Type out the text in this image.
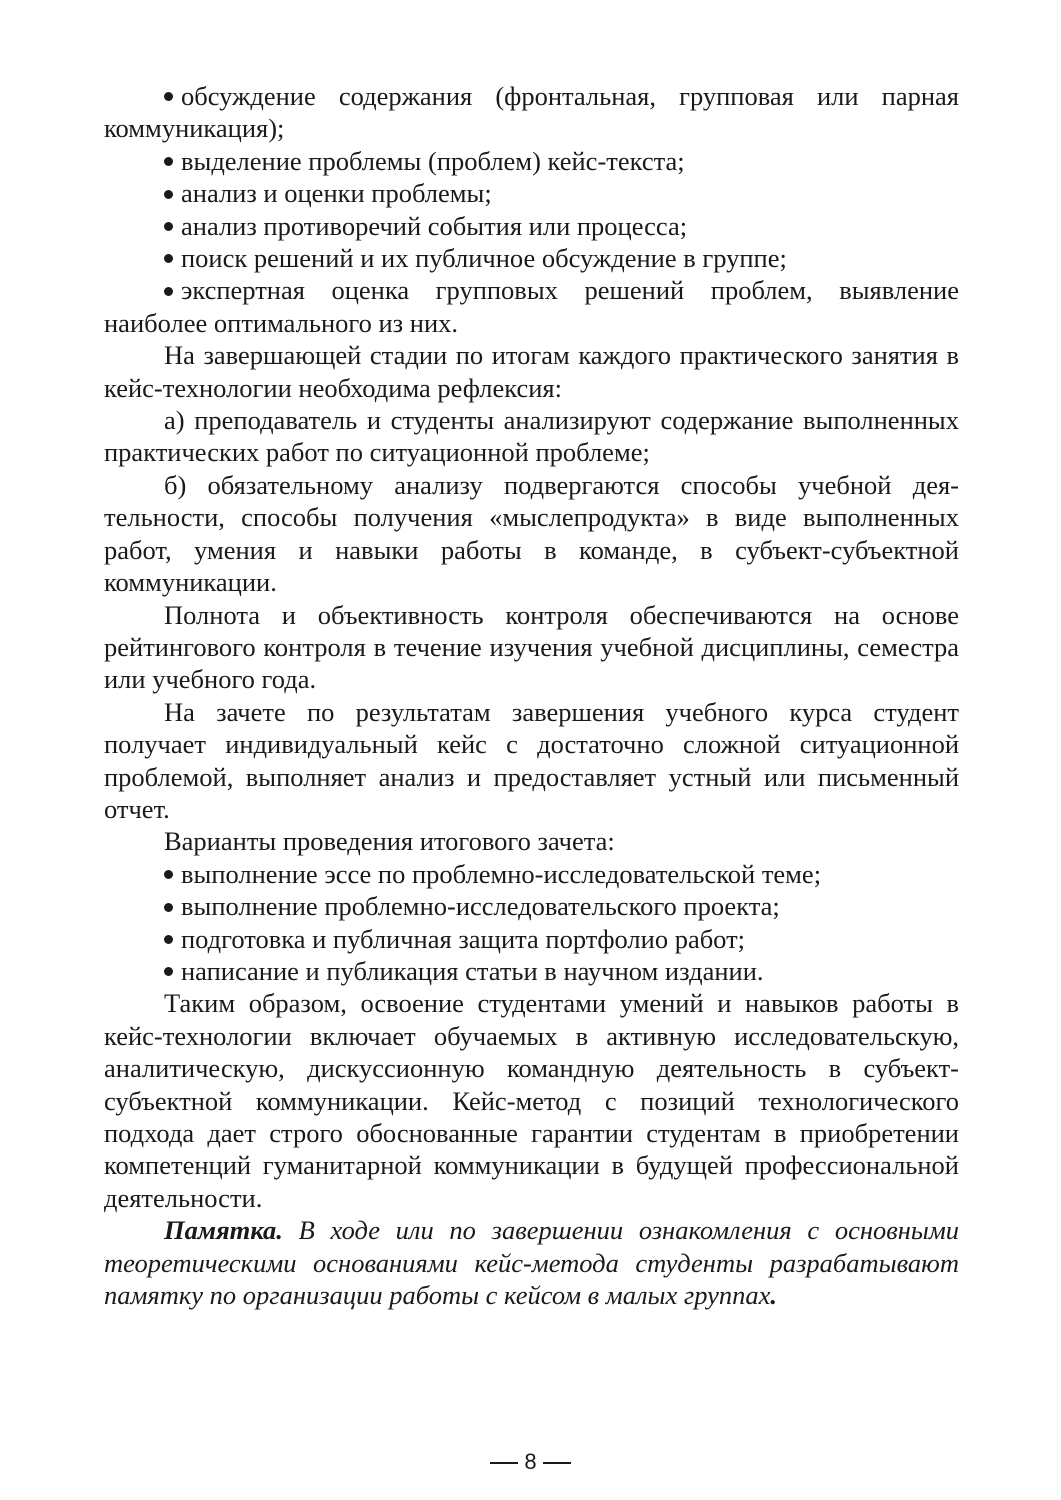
обсуждение содержания (фронтальная, групповая или парная коммуникация);

выделение проблемы (проблем) кейс-текста;

анализ и оценки проблемы;

анализ противоречий события или процесса;

поиск решений и их публичное обсуждение в группе;

экспертная оценка групповых решений проблем, выявление наиболее оптимального из них.

На завершающей стадии по итогам каждого практического занятия в кейс-технологии необходима рефлексия:

а) преподаватель и студенты анализируют содержание выполненных практических работ по ситуационной проблеме;

б) обязательному анализу подвергаются способы учебной деятельности, способы получения «мыслепродукта» в виде выполненных работ, умения и навыки работы в команде, в субъект-субъектной коммуникации.

Полнота и объективность контроля обеспечиваются на основе рейтингового контроля в течение изучения учебной дисциплины, семестра или учебного года.

На зачете по результатам завершения учебного курса студент получает индивидуальный кейс с достаточно сложной ситуационной проблемой, выполняет анализ и предоставляет устный или письменный отчет.

Варианты проведения итогового зачета:

выполнение эссе по проблемно-исследовательской теме;

выполнение проблемно-исследовательского проекта;

подготовка и публичная защита портфолио работ;

написание и публикация статьи в научном издании.

Таким образом, освоение студентами умений и навыков работы в кейс-технологии включает обучаемых в активную исследовательскую, аналитическую, дискуссионную командную деятельность в субъект-субъектной коммуникации. Кейс-метод с позиций технологического подхода дает строго обоснованные гарантии студентам в приобретении компетенций гуманитарной коммуникации в будущей профессиональной деятельности.

Памятка. В ходе или по завершении ознакомления с основными теоретическими основаниями кейс-метода студенты разрабатывают памятку по организации работы с кейсом в малых группах.

8
